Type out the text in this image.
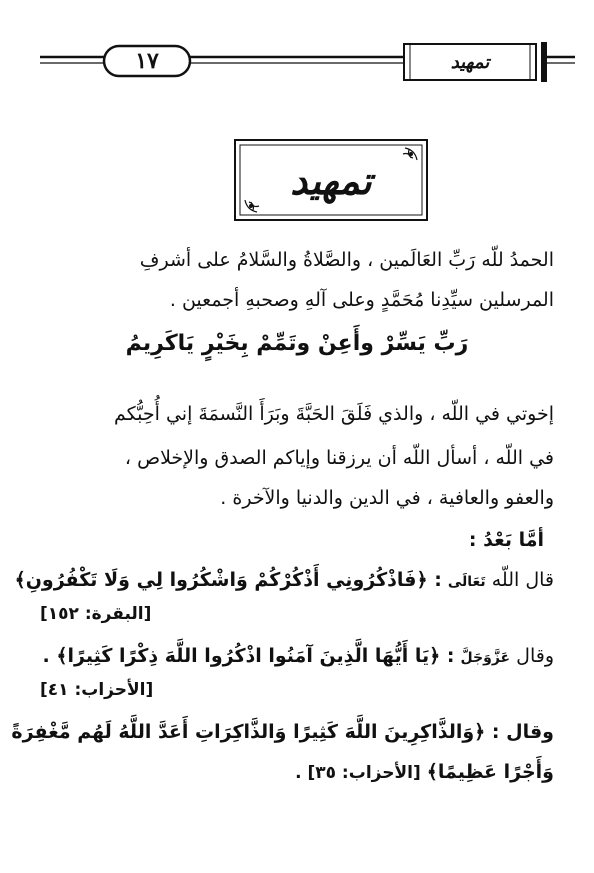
١٧	تمهيد
تمهيد
الحمدُ للّه رَبِّ العَالَمين ، والصَّلاةُ والسَّلامُ على أشرفِ
المرسلين سيِّدِنا مُحَمَّدٍ وعلى آلهِ وصحبهِ أجمعين .
رَبِّ يَسِّرْ وأَعِنْ وتَمِّمْ بِخَيْرٍ يَاكَرِيمُ
إخوتي في اللّه ، والذي فَلَقَ الحَبَّةَ وبَرَأَ النَّسمَةَ إني أُحِبُّكم
في اللّه ، أسأل اللّه أن يرزقنا وإياكم الصدق والإخلاص ،
والعفو والعافية ، في الدين والدنيا والآخرة .
أمَّا بَعْدُ :
قال اللّه تَعَالَى : ﴿فَاذْكُرُونِي أَذْكُرْكُمْ وَاشْكُرُوا لِي وَلَا تَكْفُرُونِ﴾
[البقرة: ١٥٢]
وقال عَزَّوَجَلَّ : ﴿يَا أَيُّهَا الَّذِينَ آمَنُوا اذْكُرُوا اللَّهَ ذِكْرًا كَثِيرًا﴾ .
[الأحزاب: ٤١]
وقال : ﴿وَالذَّاكِرِينَ اللَّهَ كَثِيرًا وَالذَّاكِرَاتِ أَعَدَّ اللَّهُ لَهُم مَّغْفِرَةً
وَأَجْرًا عَظِيمًا﴾ [الأحزاب: ٣٥] .
